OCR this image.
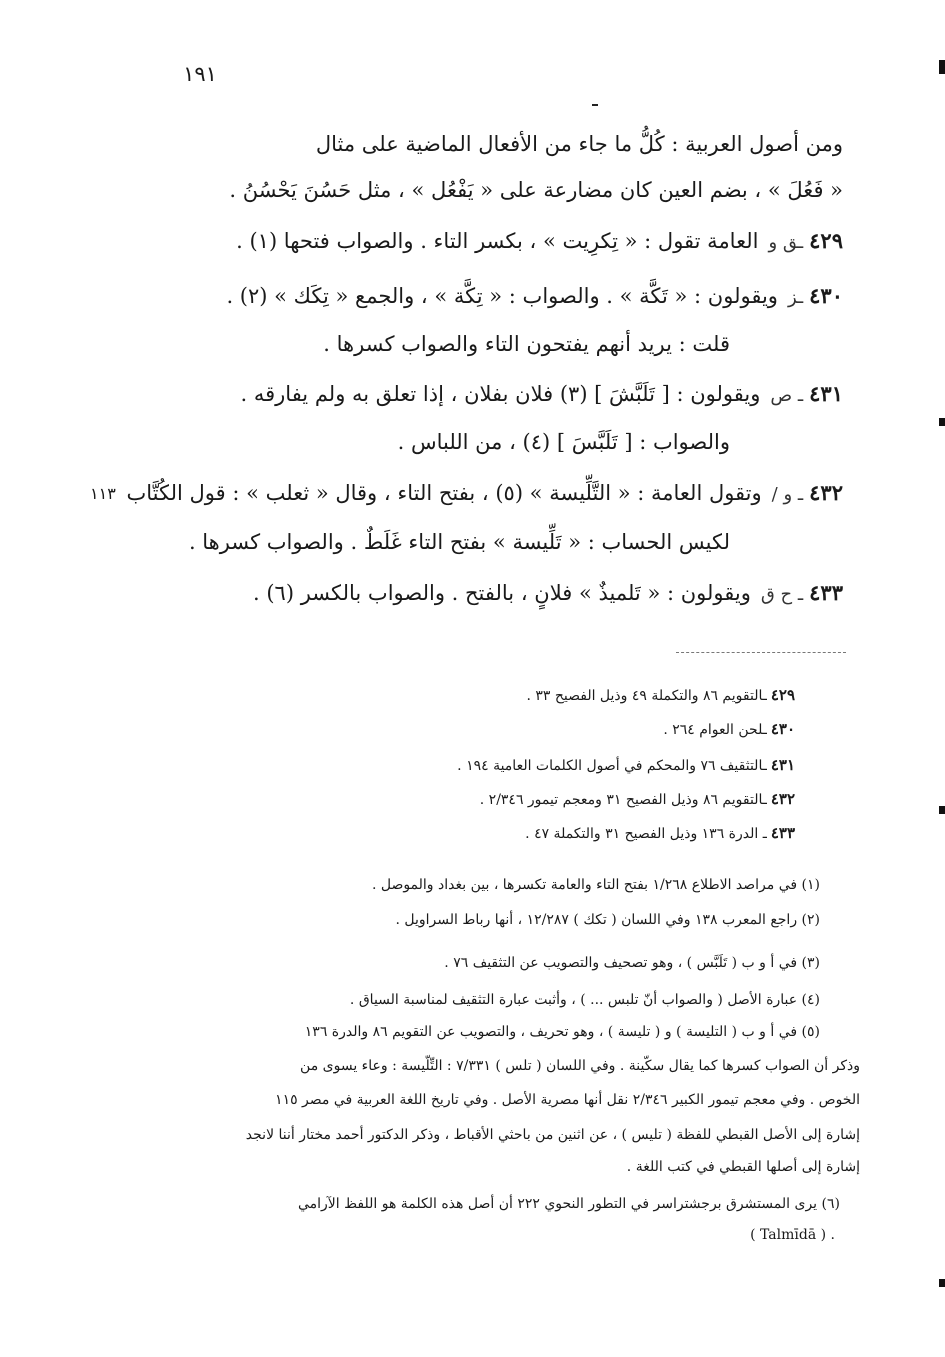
١٩١
ومن أصول العربية : كُلُّ ما جاء من الأفعال الماضية على مثال
« فَعُلَ » ، بضم العين كان مضارعة على « يَفْعُل » ، مثل حَسُنَ يَحْسُنُ .
٤٢٩ـق والعامة تقول : « تِكرِيت » ، بكسر التاء . والصواب فتحها (١) .
٤٣٠ـزويقولون : « تَكَّة » . والصواب : « تِكَّة » ، والجمع « تِكَك » (٢) .
قلت : يريد أنهم يفتحون التاء والصواب كسرها .
٤٣١ـ صويقولون : [ تَلَبَّشَ ] (٣) فلان بفلان ، إذا تعلق به ولم يفارقه .
والصواب : [ تَلَبَّسَ ] (٤) ، من اللباس .
٤٣٢ـ و /وتقول العامة : « التَّلِّيسة » (٥) ، بفتح التاء ، وقال « ثعلب » : قول الكُتَّاب
لكيس الحساب : « تَلِّيسة » بفتح التاء غَلَطٌ . والصواب كسرها .
٤٣٣ـ ح قويقولون : « تَلميذٌ » فلانٍ ، بالفتح . والصواب بالكسر (٦) .
١١٣
٤٢٩ـالتقويم ٨٦ والتكملة ٤٩ وذيل الفصيح ٣٣ .
٤٣٠ـلحن العوام ٢٦٤ .
٤٣١ـالتثقيف ٧٦ والمحكم في أصول الكلمات العامية ١٩٤ .
٤٣٢ـالتقويم ٨٦ وذيل الفصيح ٣١ ومعجم تيمور ٢/٣٤٦ .
٤٣٣ـ الدرة ١٣٦ وذيل الفصيح ٣١ والتكملة ٤٧ .
(١) في مراصد الاطلاع ١/٢٦٨ بفتح التاء والعامة تكسرها ، بين بغداد والموصل .
(٢) راجع المعرب ١٣٨ وفي اللسان ( تكك ) ١٢/٢٨٧ ، أنها رباط السراويل .
(٣) في أ و ب ( تَلَبَّس ) ، وهو تصحيف والتصويب عن التثقيف ٧٦ .
(٤) عبارة الأصل ( والصواب أنّ تلبس ... ) ، وأثبت عبارة التثقيف لمناسبة السياق .
(٥) في أ و ب ( التليسة ) و ( تليسة ) ، وهو تحريف ، والتصويب عن التقويم ٨٦ والدرة ١٣٦
وذكر أن الصواب كسرها كما يقال سكّينة . وفي اللسان ( تلس ) ٧/٣٣١ : التِّلّيسة : وعاء يسوى من
الخوص . وفي معجم تيمور الكبير ٢/٣٤٦ نقل أنها مصرية الأصل . وفي تاريخ اللغة العربية في مصر ١١٥
إشارة إلى الأصل القبطي للفظة ( تليس ) ، عن اثنين من باحثي الأقباط ، وذكر الدكتور أحمد مختار أننا لانجد
إشارة إلى أصلها القبطي في كتب اللغة .
(٦) يرى المستشرق برجشتراسر في التطور النحوي ٢٢٢ أن أصل هذه الكلمة هو اللفظ الآرامي
. ( Talmīdā )
